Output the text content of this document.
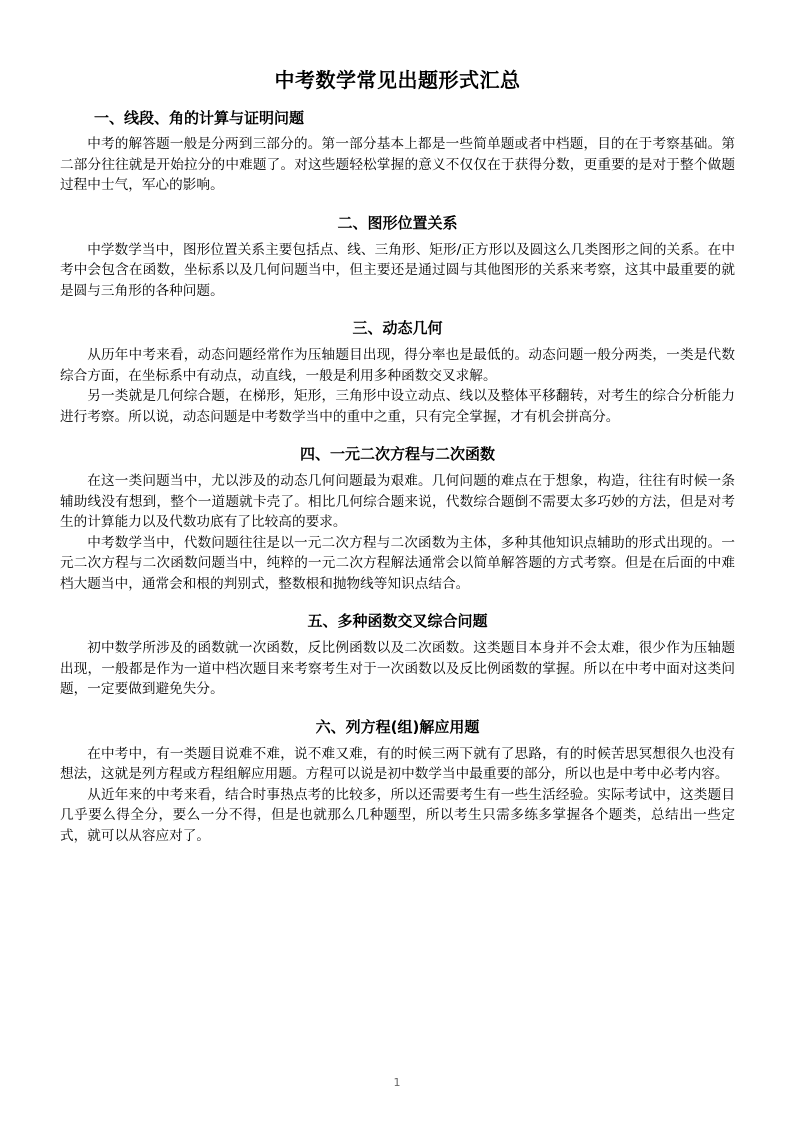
中考数学常见出题形式汇总
一、线段、角的计算与证明问题

中考的解答题一般是分两到三部分的。第一部分基本上都是一些简单题或者中档题，目的在于考察基础。第二部分往往就是开始拉分的中难题了。对这些题轻松掌握的意义不仅仅在于获得分数，更重要的是对于整个做题过程中士气，军心的影响。

二、图形位置关系

中学数学当中，图形位置关系主要包括点、线、三角形、矩形/正方形以及圆这么几类图形之间的关系。在中考中会包含在函数，坐标系以及几何问题当中，但主要还是通过圆与其他图形的关系来考察，这其中最重要的就是圆与三角形的各种问题。

三、动态几何

从历年中考来看，动态问题经常作为压轴题目出现，得分率也是最低的。动态问题一般分两类，一类是代数综合方面，在坐标系中有动点，动直线，一般是利用多种函数交叉求解。

另一类就是几何综合题，在梯形，矩形，三角形中设立动点、线以及整体平移翻转，对考生的综合分析能力进行考察。所以说，动态问题是中考数学当中的重中之重，只有完全掌握，才有机会拼高分。

四、一元二次方程与二次函数

在这一类问题当中，尤以涉及的动态几何问题最为艰难。几何问题的难点在于想象，构造，往往有时候一条辅助线没有想到，整个一道题就卡壳了。相比几何综合题来说，代数综合题倒不需要太多巧妙的方法，但是对考生的计算能力以及代数功底有了比较高的要求。

中考数学当中，代数问题往往是以一元二次方程与二次函数为主体，多种其他知识点辅助的形式出现的。一元二次方程与二次函数问题当中，纯粹的一元二次方程解法通常会以简单解答题的方式考察。但是在后面的中难档大题当中，通常会和根的判别式，整数根和抛物线等知识点结合。

五、多种函数交叉综合问题

初中数学所涉及的函数就一次函数，反比例函数以及二次函数。这类题目本身并不会太难，很少作为压轴题出现，一般都是作为一道中档次题目来考察考生对于一次函数以及反比例函数的掌握。所以在中考中面对这类问题，一定要做到避免失分。

六、列方程(组)解应用题

在中考中，有一类题目说难不难，说不难又难，有的时候三两下就有了思路，有的时候苦思冥想很久也没有想法，这就是列方程或方程组解应用题。方程可以说是初中数学当中最重要的部分，所以也是中考中必考内容。

从近年来的中考来看，结合时事热点考的比较多，所以还需要考生有一些生活经验。实际考试中，这类题目几乎要么得全分，要么一分不得，但是也就那么几种题型，所以考生只需多练多掌握各个题类，总结出一些定式，就可以从容应对了。

1
